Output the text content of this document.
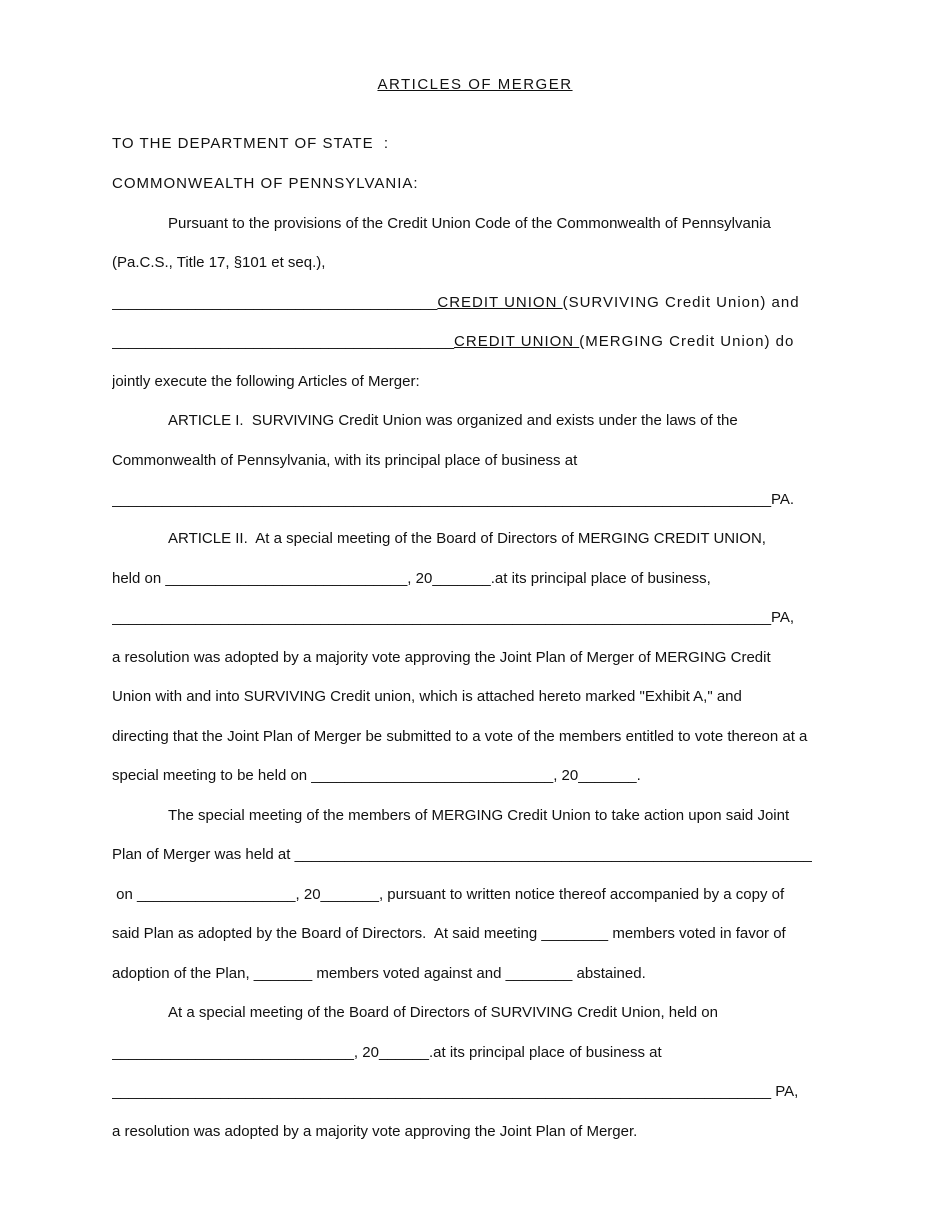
ARTICLES OF MERGER
TO THE DEPARTMENT OF STATE  :
COMMONWEALTH OF PENNSYLVANIA:
Pursuant to the provisions of the Credit Union Code of the Commonwealth of Pennsylvania
(Pa.C.S., Title 17, §101 et seq.),
_______________________________________CREDIT UNION (SURVIVING Credit Union) and
_________________________________________CREDIT UNION (MERGING Credit Union) do
jointly execute the following Articles of Merger:
ARTICLE I.  SURVIVING Credit Union was organized and exists under the laws of the
Commonwealth of Pennsylvania, with its principal place of business at
_______________________________________________________________________________PA.
ARTICLE II.  At a special meeting of the Board of Directors of MERGING CREDIT UNION,
held on _____________________________, 20_______.at its principal place of business,
_______________________________________________________________________________PA,
a resolution was adopted by a majority vote approving the Joint Plan of Merger of MERGING Credit
Union with and into SURVIVING Credit union, which is attached hereto marked "Exhibit A," and
directing that the Joint Plan of Merger be submitted to a vote of the members entitled to vote thereon at a
special meeting to be held on _____________________________, 20_______.
The special meeting of the members of MERGING Credit Union to take action upon said Joint
Plan of Merger was held at ______________________________________________________________
on ___________________, 20_______, pursuant to written notice thereof accompanied by a copy of
said Plan as adopted by the Board of Directors.  At said meeting ________ members voted in favor of
adoption of the Plan, _______ members voted against and ________ abstained.
At a special meeting of the Board of Directors of SURVIVING Credit Union, held on
_____________________________, 20______.at its principal place of business at
_______________________________________________________________________________ PA,
a resolution was adopted by a majority vote approving the Joint Plan of Merger.
